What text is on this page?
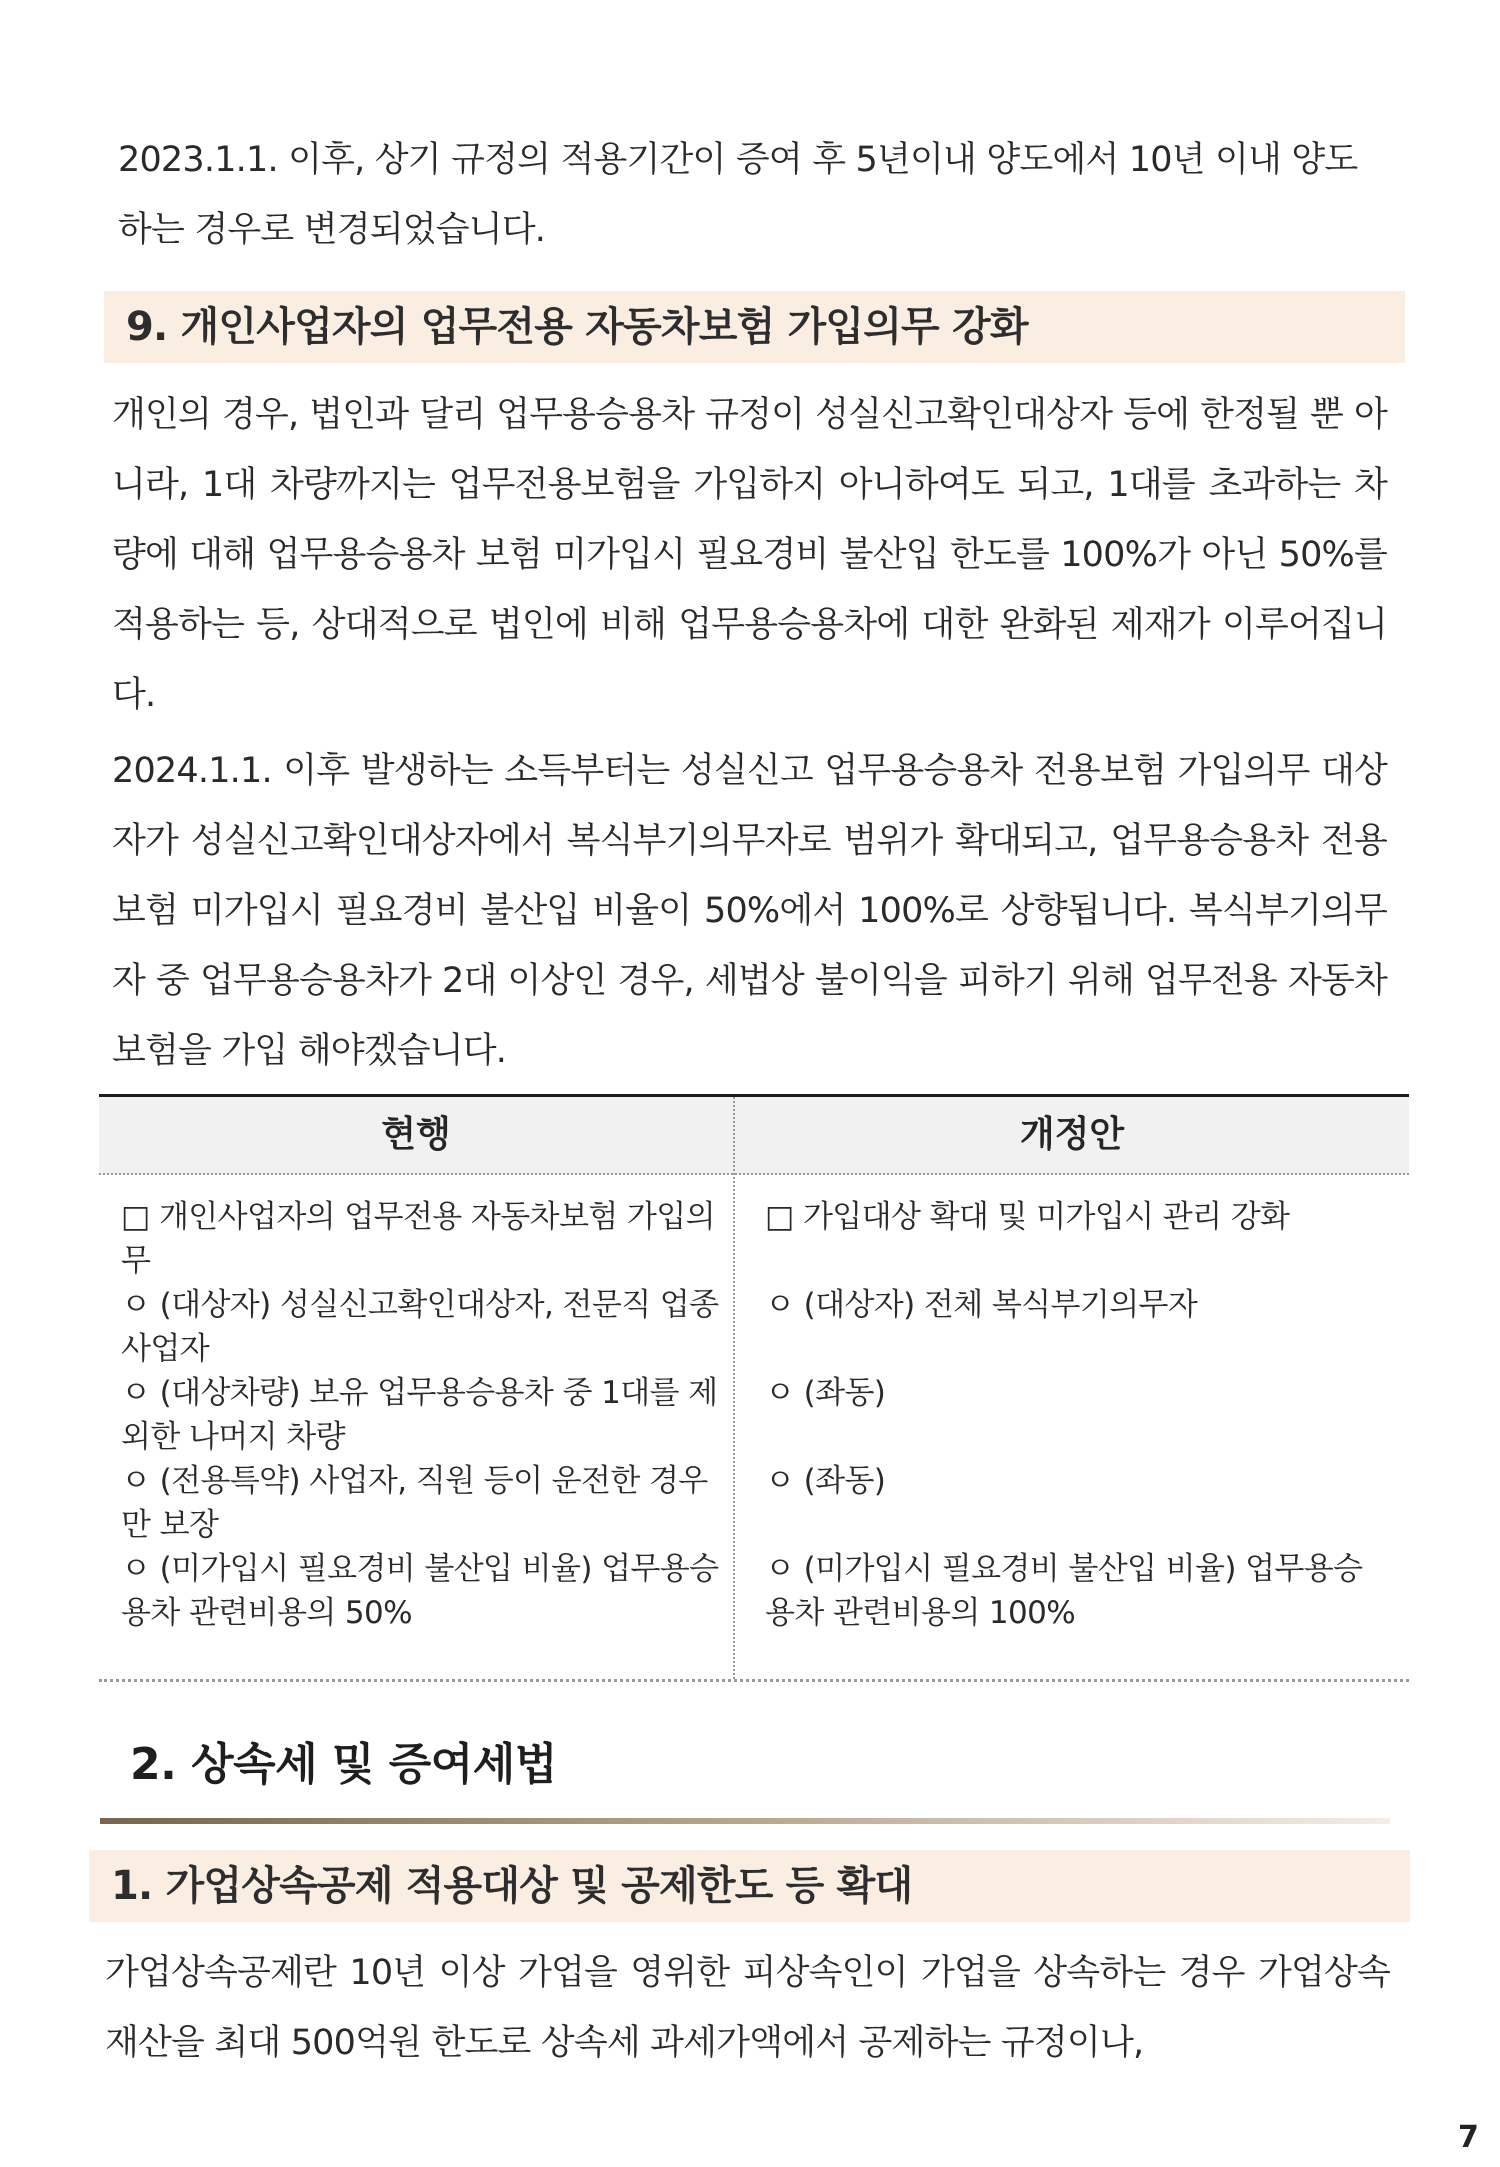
2023.1.1. 이후, 상기 규정의 적용기간이 증여 후 5년이내 양도에서 10년 이내 양도하는 경우로 변경되었습니다.

9. 개인사업자의 업무전용 자동차보험 가입의무 강화

개인의 경우, 법인과 달리 업무용승용차 규정이 성실신고확인대상자 등에 한정될 뿐 아니라, 1대 차량까지는 업무전용보험을 가입하지 아니하여도 되고, 1대를 초과하는 차량에 대해 업무용승용차 보험 미가입시 필요경비 불산입 한도를 100%가 아닌 50%를 적용하는 등, 상대적으로 법인에 비해 업무용승용차에 대한 완화된 제재가 이루어집니다.

2024.1.1. 이후 발생하는 소득부터는 성실신고 업무용승용차 전용보험 가입의무 대상자가 성실신고확인대상자에서 복식부기의무자로 범위가 확대되고, 업무용승용차 전용 보험 미가입시 필요경비 불산입 비율이 50%에서 100%로 상향됩니다. 복식부기의무자 중 업무용승용차가 2대 이상인 경우, 세법상 불이익을 피하기 위해 업무전용 자동차보험을 가입 해야겠습니다.

현행	개정안

□ 개인사업자의 업무전용 자동차보험 가입의무

ㅇ (대상자) 성실신고확인대상자, 전문직 업종 사업자

ㅇ (대상차량) 보유 업무용승용차 중 1대를 제외한 나머지 차량

ㅇ (전용특약) 사업자, 직원 등이 운전한 경우만 보장

ㅇ (미가입시 필요경비 불산입 비율) 업무용승용차 관련비용의 50%

□ 가입대상 확대 및 미가입시 관리 강화

ㅇ (대상자) 전체 복식부기의무자

ㅇ (좌동)

ㅇ (좌동)

ㅇ (미가입시 필요경비 불산입 비율) 업무용승용차 관련비용의 100%

2. 상속세 및 증여세법
1. 가업상속공제 적용대상 및 공제한도 등 확대

가업상속공제란 10년 이상 가업을 영위한 피상속인이 가업을 상속하는 경우 가업상속재산을 최대 500억원 한도로 상속세 과세가액에서 공제하는 규정이나,

7
